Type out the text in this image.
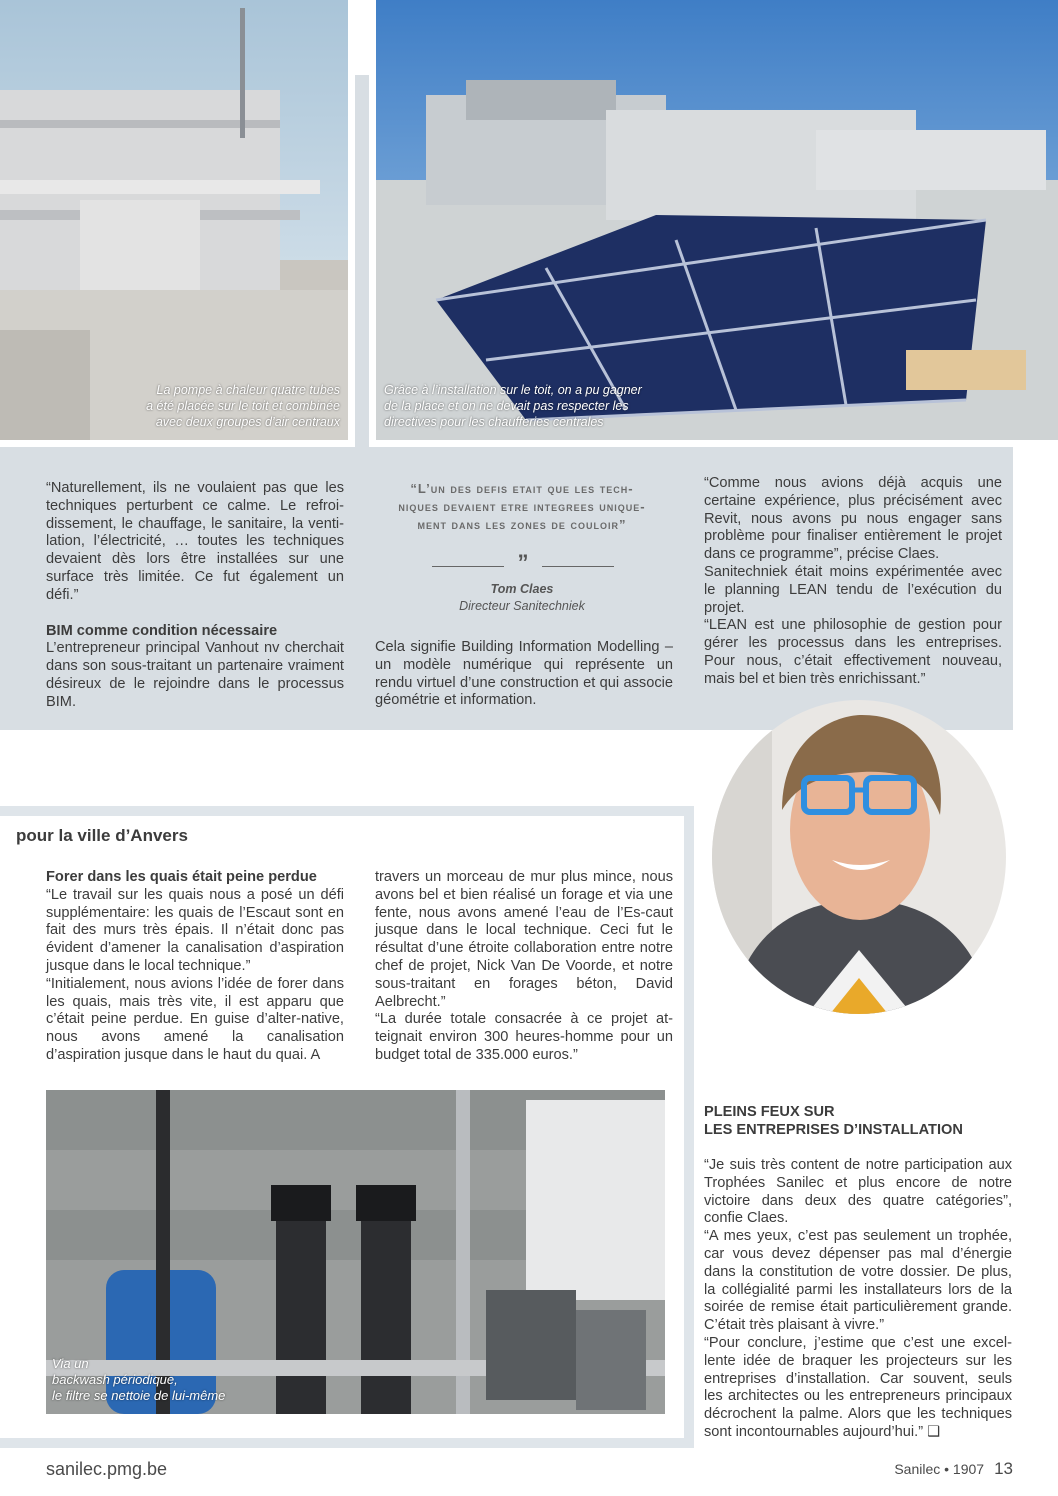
La pompe à chaleur quatre tubes
a été placée sur le toit et combinée
avec deux groupes d’air centraux
Grâce à l’installation sur le toit, on a pu gagner
de la place et on ne devait pas respecter les
directives pour les chaufferies centrales

“Naturellement, ils ne voulaient pas que les techniques perturbent ce calme. Le refroi-dissement, le chauffage, le sanitaire, la venti-lation, l’électricité, … toutes les techniques devaient dès lors être installées sur une surface très limitée. Ce fut également un défi.”

BIM comme condition nécessaire

L’entrepreneur principal Vanhout nv cherchait dans son sous-traitant un partenaire vraiment désireux de le rejoindre dans le processus BIM.

“L’un des defis etait que les tech-
niques devaient etre integrees unique-
ment dans les zones de couloir”
”
Tom Claes
Directeur Sanitechniek

Cela signifie Building Information Modelling – un modèle numérique qui représente un rendu virtuel d’une construction et qui associe géométrie et information.

“Comme nous avions déjà acquis une certaine expérience, plus précisément avec Revit, nous avons pu nous engager sans problème pour finaliser entièrement le projet dans ce programme”, précise Claes.

Sanitechniek était moins expérimentée avec le planning LEAN tendu de l’exécution du projet.

“LEAN est une philosophie de gestion pour gérer les processus dans les entreprises. Pour nous, c’était effectivement nouveau, mais bel et bien très enrichissant.”

pour la ville d’Anvers

Forer dans les quais était peine perdue

“Le travail sur les quais nous a posé un défi supplémentaire: les quais de l’Escaut sont en fait des murs très épais. Il n’était donc pas évident d’amener la canalisation d’aspiration jusque dans le local technique.”

“Initialement, nous avions l’idée de forer dans les quais, mais très vite, il est apparu que c’était peine perdue. En guise d’alter-native, nous avons amené la canalisation d’aspiration jusque dans le haut du quai. A

travers un morceau de mur plus mince, nous avons bel et bien réalisé un forage et via une fente, nous avons amené l’eau de l’Es-caut jusque dans le local technique. Ceci fut le résultat d’une étroite collaboration entre notre chef de projet, Nick Van De Voorde, et notre sous-traitant en forages béton, David Aelbrecht.”

“La durée totale consacrée à ce projet at-teignait environ 300 heures-homme pour un budget total de 335.000 euros.”

Via un
backwash périodique,
le filtre se nettoie de lui-même
PLEINS FEUX SUR
LES ENTREPRISES D’INSTALLATION

“Je suis très content de notre participation aux Trophées Sanilec et plus encore de notre victoire dans deux des quatre catégories”, confie Claes.

“A mes yeux, c’est pas seulement un trophée, car vous devez dépenser pas mal d’énergie dans la constitution de votre dossier. De plus, la collégialité parmi les installateurs lors de la soirée de remise était particulièrement grande. C’était très plaisant à vivre.”

“Pour conclure, j’estime que c’est une excel-lente idée de braquer les projecteurs sur les entreprises d’installation. Car souvent, seuls les architectes ou les entrepreneurs principaux décrochent la palme. Alors que les techniques sont incontournables aujourd’hui.” ❑

sanilec.pmg.be	Sanilec • 1907 13
